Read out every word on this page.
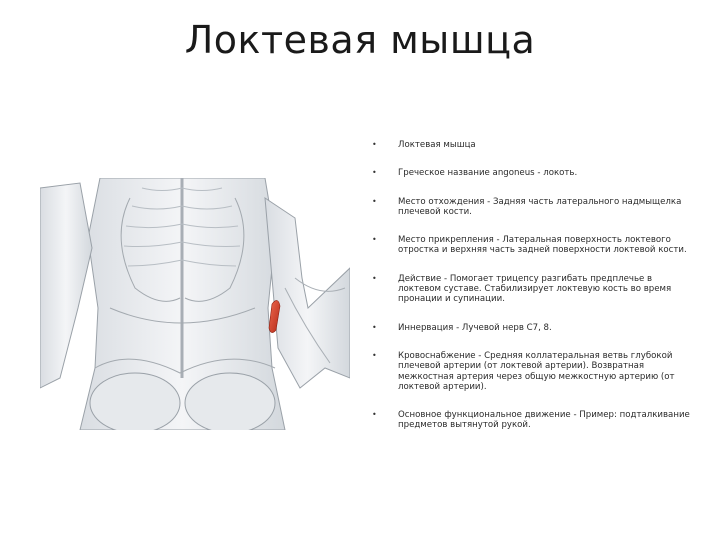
Локтевая мышца
• Локтевая мышца
• Греческое название angoneus - локоть.
• Место отхождения - Задняя часть латерального надмыщелка плечевой кости.
• Место прикрепления - Латеральная поверхность локтевого отростка и верхняя часть задней поверхности локтевой кости.
• Действие - Помогает трицепсу разгибать предплечье в локтевом суставе. Стабилизирует локтевую кость во время пронации и супинации.
• Иннервация - Лучевой нерв C7, 8.
• Кровоснабжение - Средняя коллатеральная ветвь глубокой плечевой артерии (от локтевой артерии). Возвратная межкостная артерия через общую межкостную артерию (от локтевой артерии).
• Основное функциональное движение - Пример: подталкивание предметов вытянутой рукой.
